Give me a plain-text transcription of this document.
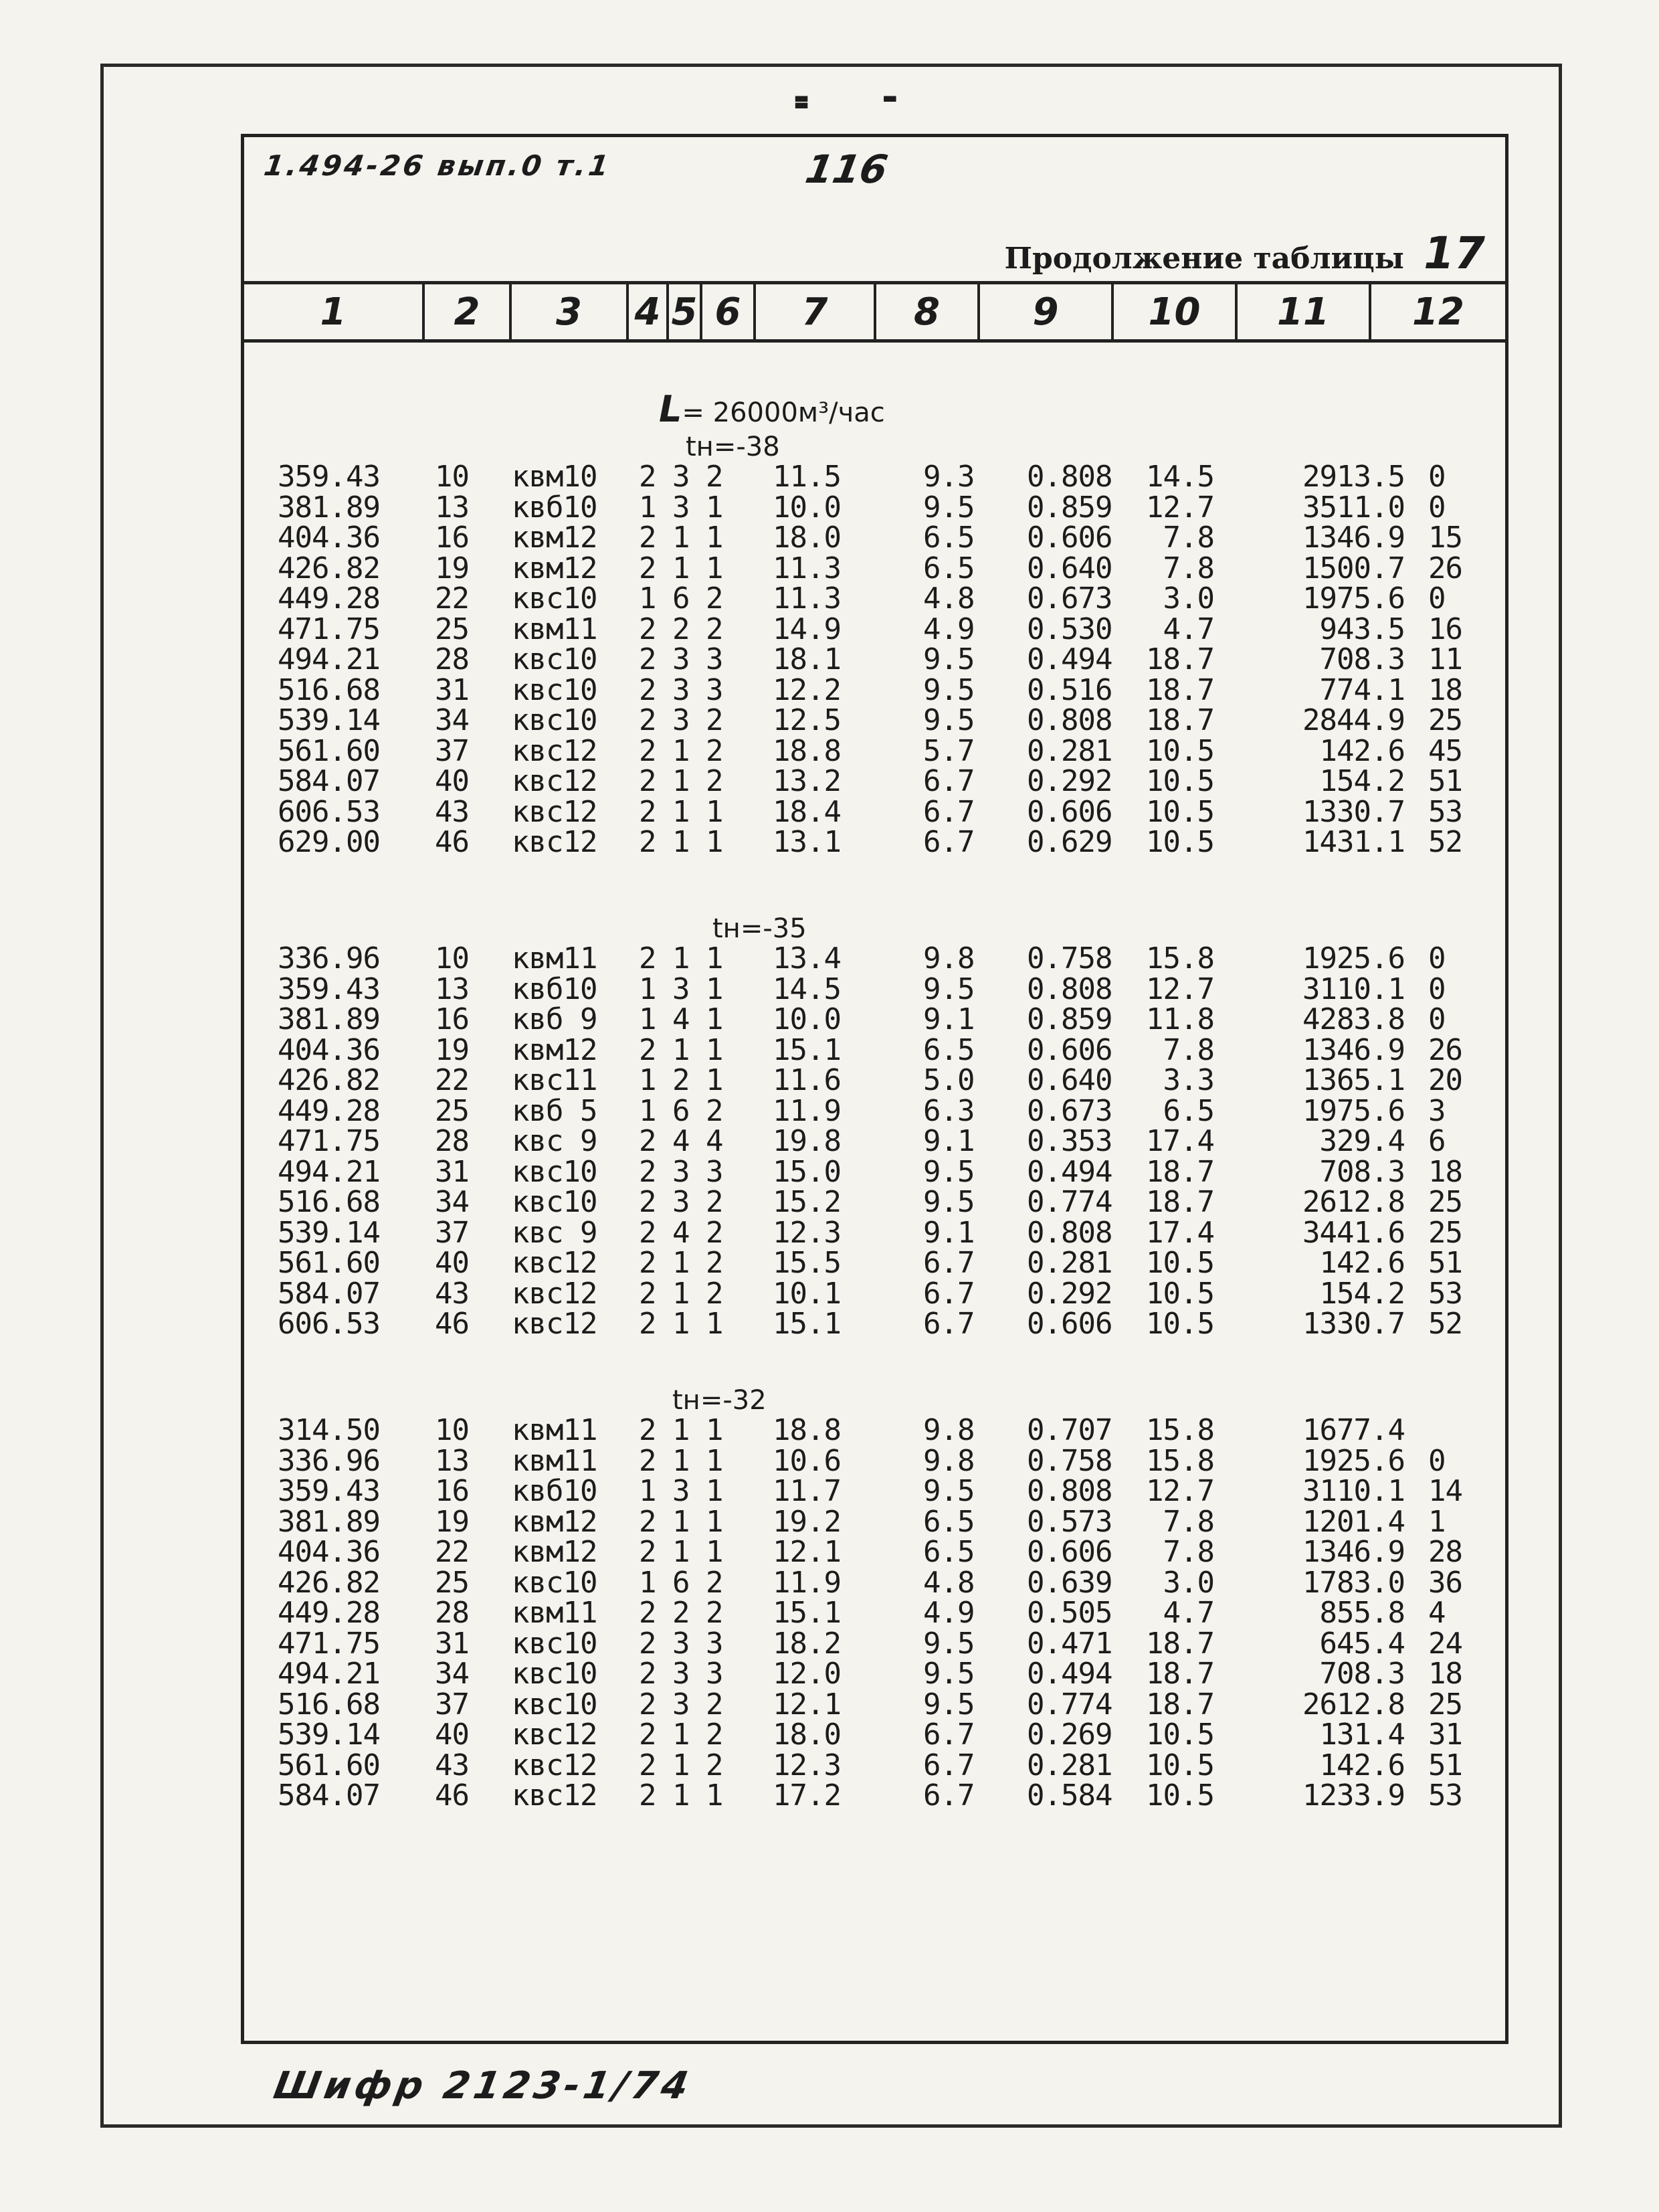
- - -
1.494-26 вып.0 т.1	116
Продолжение таблицы 17
1	2	3	4 5 6	7	8	9	10	11	12
L= 26000м³/час
tн=-38
359.43 10 квм10 2 3 2 11.5	9.3 0.808	14.5	2913.5 0
381.89 13 квб10 1 3 1 10.0	9.5 0.859	12.7	3511.0 0
404.36 16 квм12 2 1 1 18.0	6.5 0.606	7.8	1346.9 15
426.82 19 квм12 2 1 1 11.3	6.5 0.640	7.8	1500.7 26
449.28 22 квс10 1 6 2 11.3	4.8 0.673	3.0	1975.6 0
471.75 25 квм11 2 2 2 14.9	4.9 0.530	4.7	943.5 16
494.21 28 квс10 2 3 3 18.1	9.5 0.494	18.7	708.3 11
516.68 31 квс10 2 3 3 12.2	9.5 0.516	18.7	774.1 18
539.14 34 квс10 2 3 2 12.5	9.5 0.808	18.7	2844.9 25
561.60 37 квс12 2 1 2 18.8	5.7 0.281	10.5	142.6 45
584.07 40 квс12 2 1 2 13.2	6.7 0.292	10.5	154.2 51
606.53 43 квс12 2 1 1 18.4	6.7 0.606	10.5	1330.7 53
629.00 46 квс12 2 1 1 13.1	6.7 0.629	10.5	1431.1 52
tн=-35
336.96 10 квм11 2 1 1 13.4	9.8 0.758	15.8	1925.6 0
359.43 13 квб10 1 3 1 14.5	9.5 0.808	12.7	3110.1 0
381.89 16 квб 9 1 4 1 10.0	9.1 0.859	11.8	4283.8 0
404.36 19 квм12 2 1 1 15.1	6.5 0.606	7.8	1346.9 26
426.82 22 квс11 1 2 1 11.6	5.0 0.640	3.3	1365.1 20
449.28 25 квб 5 1 6 2 11.9	6.3 0.673	6.5	1975.6 3
471.75 28 квс 9 2 4 4 19.8	9.1 0.353	17.4	329.4 6
494.21 31 квс10 2 3 3 15.0	9.5 0.494	18.7	708.3 18
516.68 34 квс10 2 3 2 15.2	9.5 0.774	18.7	2612.8 25
539.14 37 квс 9 2 4 2 12.3	9.1 0.808	17.4	3441.6 25
561.60 40 квс12 2 1 2 15.5	6.7 0.281	10.5	142.6 51
584.07 43 квс12 2 1 2 10.1	6.7 0.292	10.5	154.2 53
606.53 46 квс12 2 1 1 15.1	6.7 0.606	10.5	1330.7 52
tн=-32
314.50 10 квм11 2 1 1 18.8	9.8 0.707	15.8	1677.4
336.96 13 квм11 2 1 1 10.6	9.8 0.758	15.8	1925.6 0
359.43 16 квб10 1 3 1 11.7	9.5 0.808	12.7	3110.1 14
381.89 19 квм12 2 1 1 19.2	6.5 0.573	7.8	1201.4 1
404.36 22 квм12 2 1 1 12.1	6.5 0.606	7.8	1346.9 28
426.82 25 квс10 1 6 2 11.9	4.8 0.639	3.0	1783.0 36
449.28 28 квм11 2 2 2 15.1	4.9 0.505	4.7	855.8 4
471.75 31 квс10 2 3 3 18.2	9.5 0.471	18.7	645.4 24
494.21 34 квс10 2 3 3 12.0	9.5 0.494	18.7	708.3 18
516.68 37 квс10 2 3 2 12.1	9.5 0.774	18.7	2612.8 25
539.14 40 квс12 2 1 2 18.0	6.7 0.269	10.5	131.4 31
561.60 43 квс12 2 1 2 12.3	6.7 0.281	10.5	142.6 51
584.07 46 квс12 2 1 1 17.2	6.7 0.584	10.5	1233.9 53
Шифр 2123-1/74
